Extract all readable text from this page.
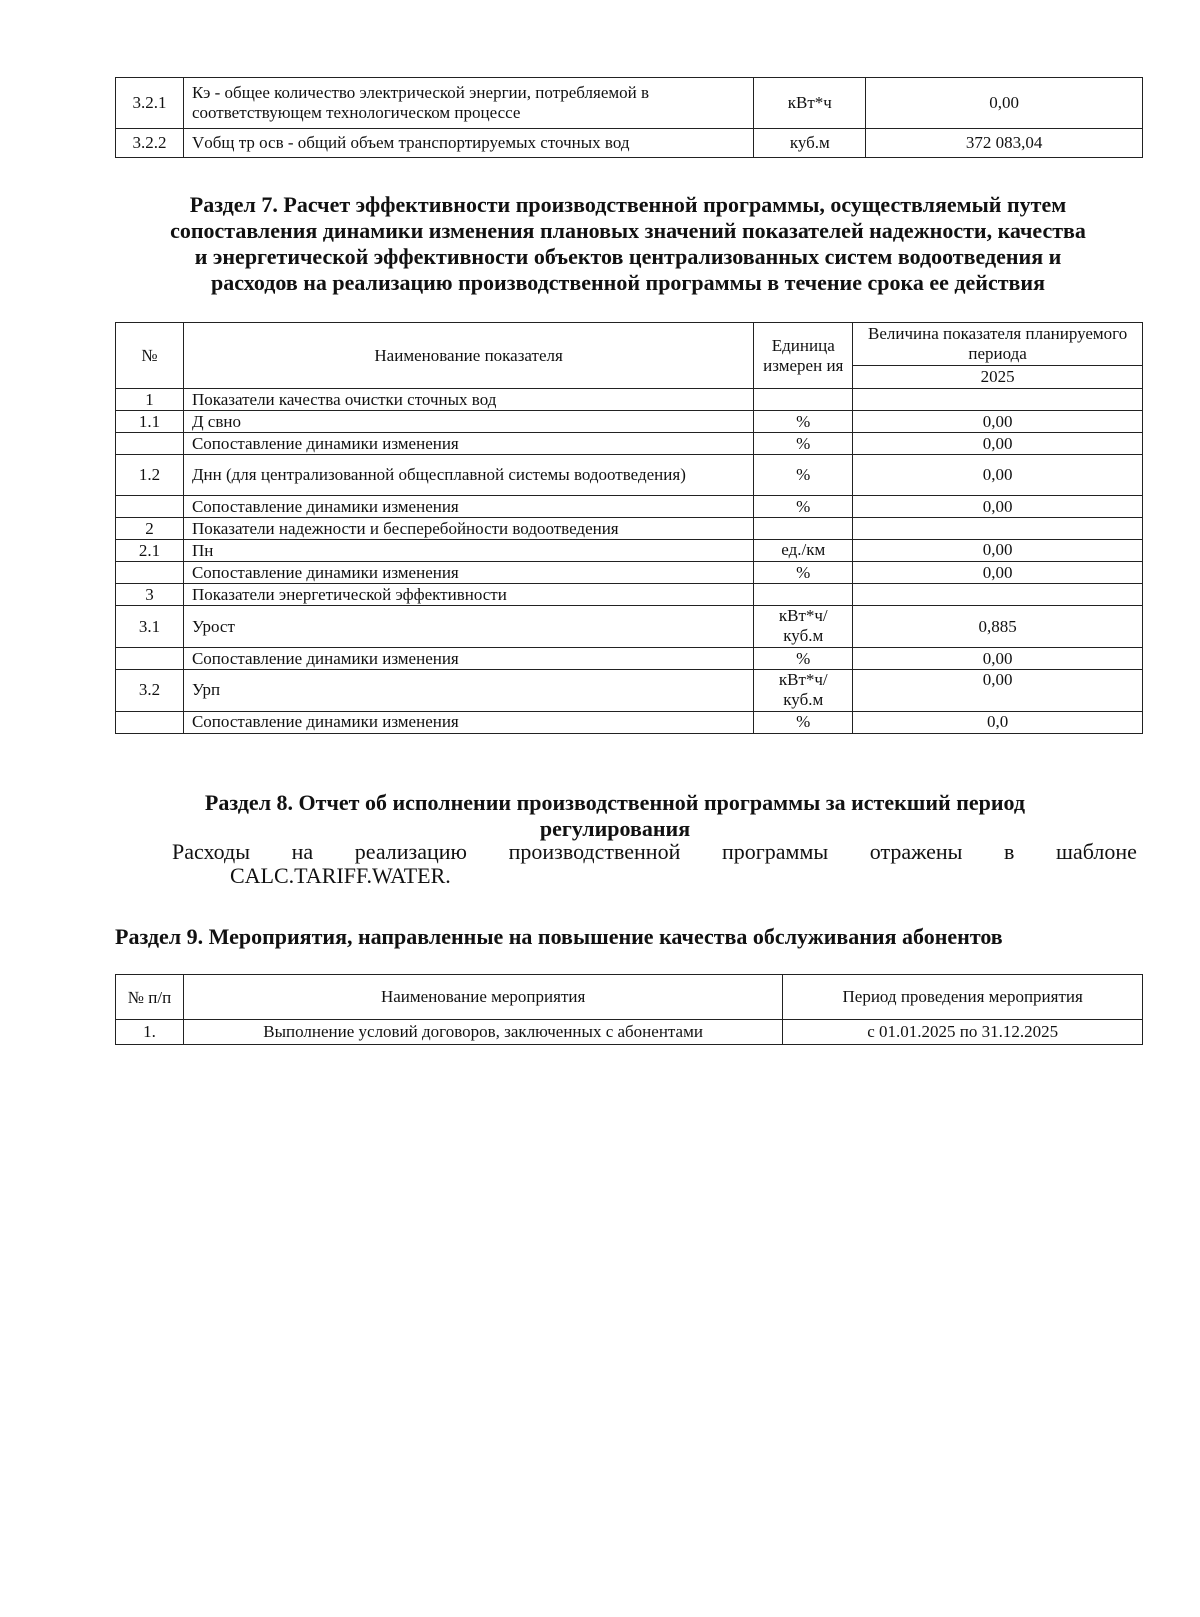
3.2.1	Кэ - общее количество электрической энергии, потребляемой в соответствующем технологическом процессе	кВт*ч	0,00
3.2.2	Vобщ тр осв - общий объем транспортируемых сточных вод	куб.м	372 083,04
Раздел 7. Расчет эффективности производственной программы, осуществляемый путем
сопоставления динамики изменения плановых значений показателей надежности, качества
и энергетической эффективности объектов централизованных систем водоотведения и
расходов на реализацию производственной программы в течение срока ее действия
№	Наименование показателя	Единица измерен ия	Величина показателя планируемого периода
			2025
1	Показатели качества очистки сточных вод		
1.1	Д свно	%	0,00
	Сопоставление динамики изменения	%	0,00
1.2	Днн (для централизованной общесплавной системы водоотведения)	%	0,00
	Сопоставление динамики изменения	%	0,00
2	Показатели надежности и бесперебойности водоотведения		
2.1	Пн	ед./км	0,00
	Сопоставление динамики изменения	%	0,00
3	Показатели энергетической эффективности		
3.1	Урост	кВт*ч/ куб.м	0,885
	Сопоставление динамики изменения	%	0,00
3.2	Урп	кВт*ч/ куб.м	0,00
	Сопоставление динамики изменения	%	0,0
Раздел 8. Отчет об исполнении производственной программы за истекший период
регулирования
Расходы на реализацию производственной программы отражены в шаблоне
CALC.TARIFF.WATER.
Раздел 9. Мероприятия, направленные на повышение качества обслуживания абонентов
№ п/п	Наименование мероприятия	Период проведения мероприятия
1.	Выполнение условий договоров, заключенных с абонентами	с 01.01.2025 по 31.12.2025
